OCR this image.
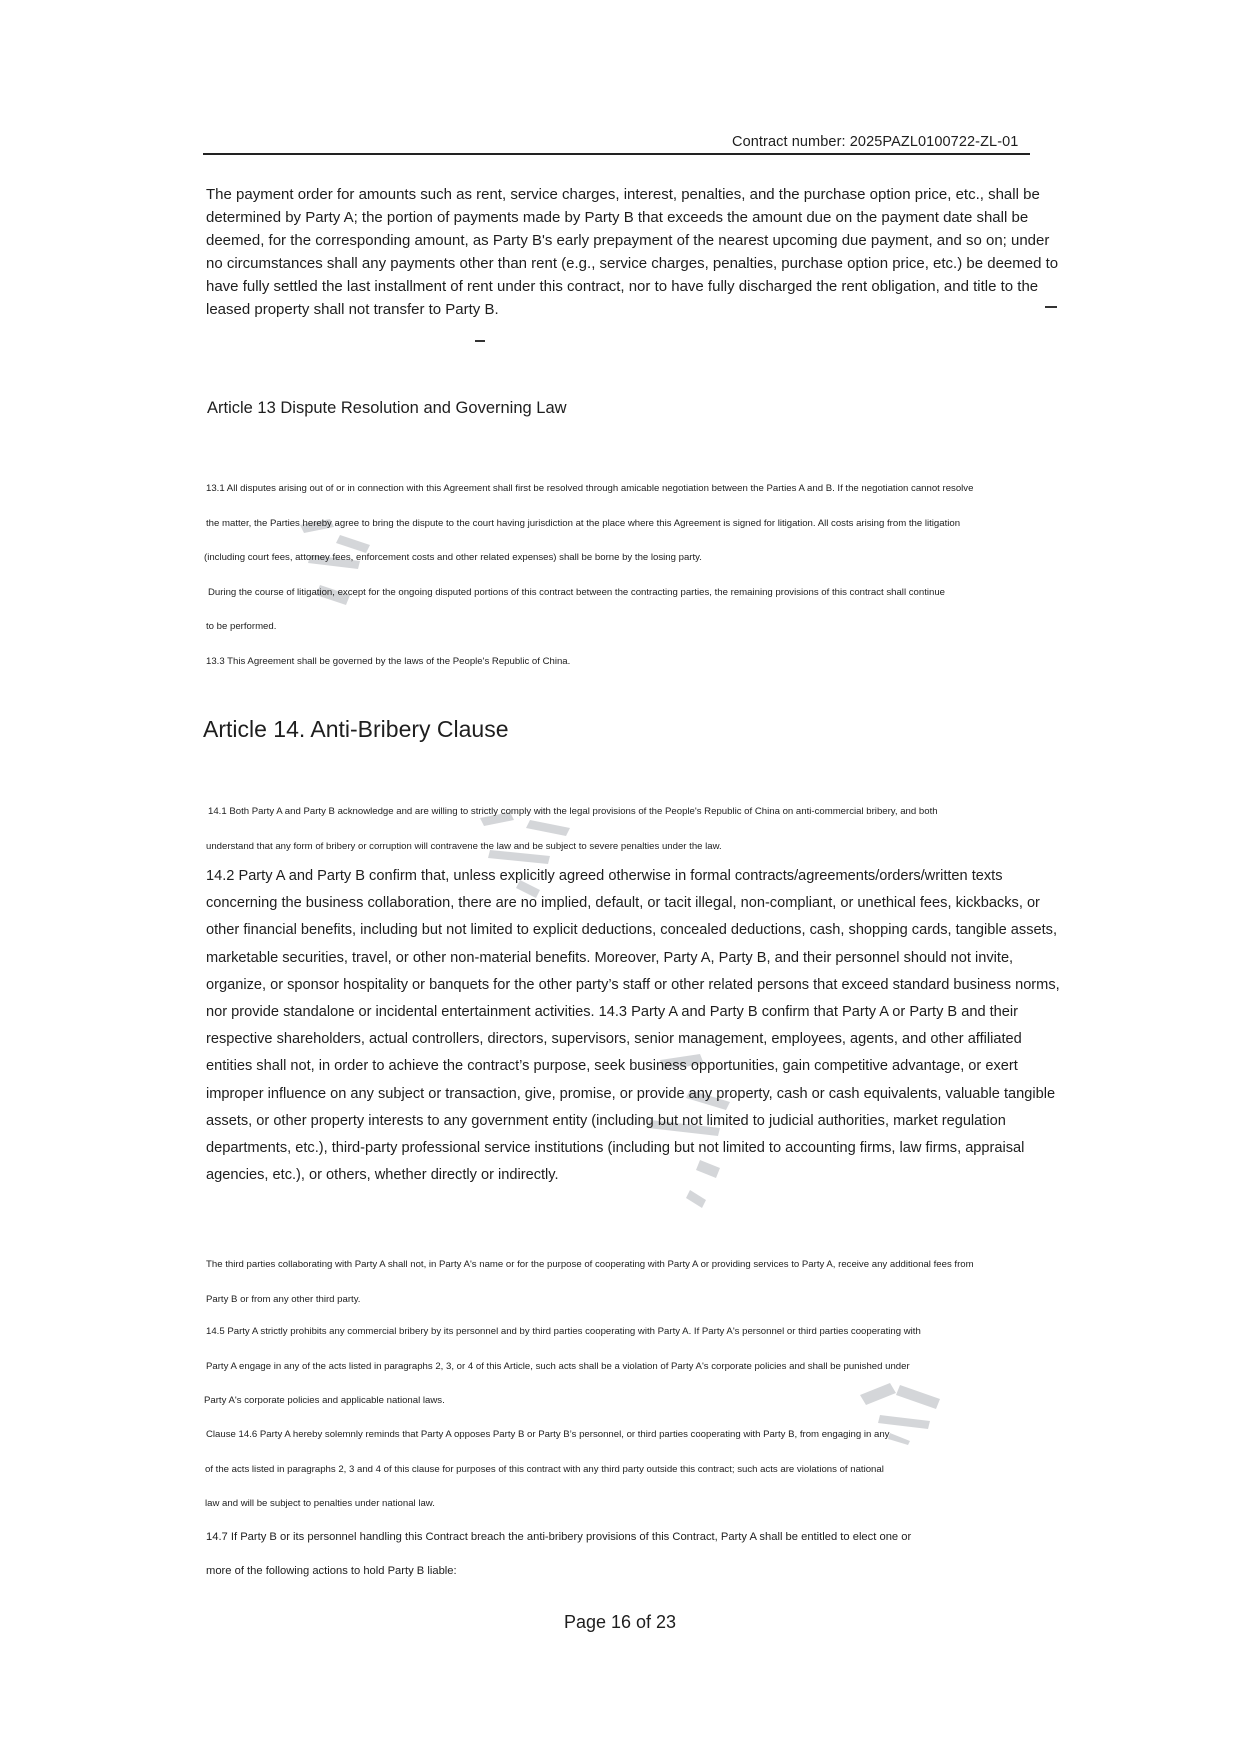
Contract number: 2025PAZL0100722-ZL-01
The payment order for amounts such as rent, service charges, interest, penalties, and the purchase option price, etc., shall be determined by Party A; the portion of payments made by Party B that exceeds the amount due on the payment date shall be deemed, for the corresponding amount, as Party B's early prepayment of the nearest upcoming due payment, and so on; under no circumstances shall any payments other than rent (e.g., service charges, penalties, purchase option price, etc.) be deemed to have fully settled the last installment of rent under this contract, nor to have fully discharged the rent obligation, and title to the leased property shall not transfer to Party B.
Article 13 Dispute Resolution and Governing Law

13.1 All disputes arising out of or in connection with this Agreement shall first be resolved through amicable negotiation between the Parties A and B. If the negotiation cannot resolve

the matter, the Parties hereby agree to bring the dispute to the court having jurisdiction at the place where this Agreement is signed for litigation. All costs arising from the litigation

(including court fees, attorney fees, enforcement costs and other related expenses) shall be borne by the losing party.

During the course of litigation, except for the ongoing disputed portions of this contract between the contracting parties, the remaining provisions of this contract shall continue

to be performed.

13.3 This Agreement shall be governed by the laws of the People's Republic of China.

Article 14. Anti-Bribery Clause

14.1 Both Party A and Party B acknowledge and are willing to strictly comply with the legal provisions of the People's Republic of China on anti-commercial bribery, and both

understand that any form of bribery or corruption will contravene the law and be subject to severe penalties under the law.

14.2 Party A and Party B confirm that, unless explicitly agreed otherwise in formal contracts/agreements/orders/written texts concerning the business collaboration, there are no implied, default, or tacit illegal, non-compliant, or unethical fees, kickbacks, or other financial benefits, including but not limited to explicit deductions, concealed deductions, cash, shopping cards, tangible assets, marketable securities, travel, or other non-material benefits. Moreover, Party A, Party B, and their personnel should not invite, organize, or sponsor hospitality or banquets for the other party’s staff or other related persons that exceed standard business norms, nor provide standalone or incidental entertainment activities. 14.3 Party A and Party B confirm that Party A or Party B and their respective shareholders, actual controllers, directors, supervisors, senior management, employees, agents, and other affiliated entities shall not, in order to achieve the contract’s purpose, seek business opportunities, gain competitive advantage, or exert improper influence on any subject or transaction, give, promise, or provide any property, cash or cash equivalents, valuable tangible assets, or other property interests to any government entity (including but not limited to judicial authorities, market regulation departments, etc.), third-party professional service institutions (including but not limited to accounting firms, law firms, appraisal agencies, etc.), or others, whether directly or indirectly.

The third parties collaborating with Party A shall not, in Party A's name or for the purpose of cooperating with Party A or providing services to Party A, receive any additional fees from

Party B or from any other third party.

14.5 Party A strictly prohibits any commercial bribery by its personnel and by third parties cooperating with Party A. If Party A's personnel or third parties cooperating with

Party A engage in any of the acts listed in paragraphs 2, 3, or 4 of this Article, such acts shall be a violation of Party A's corporate policies and shall be punished under

Party A's corporate policies and applicable national laws.

Clause 14.6 Party A hereby solemnly reminds that Party A opposes Party B or Party B’s personnel, or third parties cooperating with Party B, from engaging in any

of the acts listed in paragraphs 2, 3 and 4 of this clause for purposes of this contract with any third party outside this contract; such acts are violations of national

law and will be subject to penalties under national law.

14.7 If Party B or its personnel handling this Contract breach the anti-bribery provisions of this Contract, Party A shall be entitled to elect one or

more of the following actions to hold Party B liable:

Page 16 of 23
